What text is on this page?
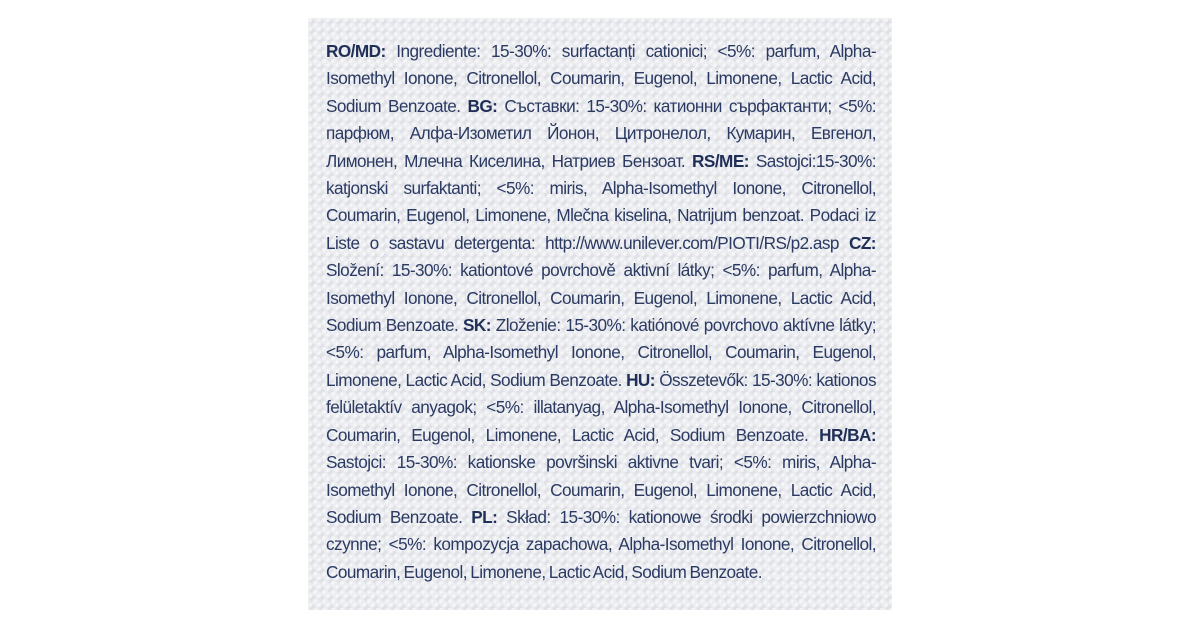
RO/MD: Ingrediente: 15-30%: surfactanți cationici; <5%: parfum, Alpha-Isomethyl Ionone, Citronellol, Coumarin, Eugenol, Limonene, Lactic Acid, Sodium Benzoate. BG: Съставки: 15-30%: катионни сърфактанти; <5%: парфюм, Алфа-Изометил Йонон, Цитронелол, Кумарин, Евгенол, Лимонен, Млечна Киселина, Натриев Бензоат. RS/ME: Sastojci:15-30%: katjonski surfaktanti; <5%: miris, Alpha-Isomethyl Ionone, Citronellol, Coumarin, Eugenol, Limonene, Mlečna kiselina, Natrijum benzoat. Podaci iz Liste o sastavu detergenta: http://www.unilever.com/PIOTI/RS/p2.asp CZ: Složení: 15-30%: kationtové povrchově aktivní látky; <5%: parfum, Alpha-Isomethyl Ionone, Citronellol, Coumarin, Eugenol, Limonene, Lactic Acid, Sodium Benzoate. SK: Zloženie: 15-30%: katiónové povrchovo aktívne látky; <5%: parfum, Alpha-Isomethyl Ionone, Citronellol, Coumarin, Eugenol, Limonene, Lactic Acid, Sodium Benzoate. HU: Összetevők: 15-30%: kationos felületaktív anyagok; <5%: illatanyag, Alpha-Isomethyl Ionone, Citronellol, Coumarin, Eugenol, Limonene, Lactic Acid, Sodium Benzoate. HR/BA: Sastojci: 15-30%: kationske površinski aktivne tvari; <5%: miris, Alpha-Isomethyl Ionone, Citronellol, Coumarin, Eugenol, Limonene, Lactic Acid, Sodium Benzoate. PL: Skład: 15-30%: kationowe środki powierzchniowo czynne; <5%: kompozycja zapachowa, Alpha-Isomethyl Ionone, Citronellol, Coumarin, Eugenol, Limonene, Lactic Acid, Sodium Benzoate.
